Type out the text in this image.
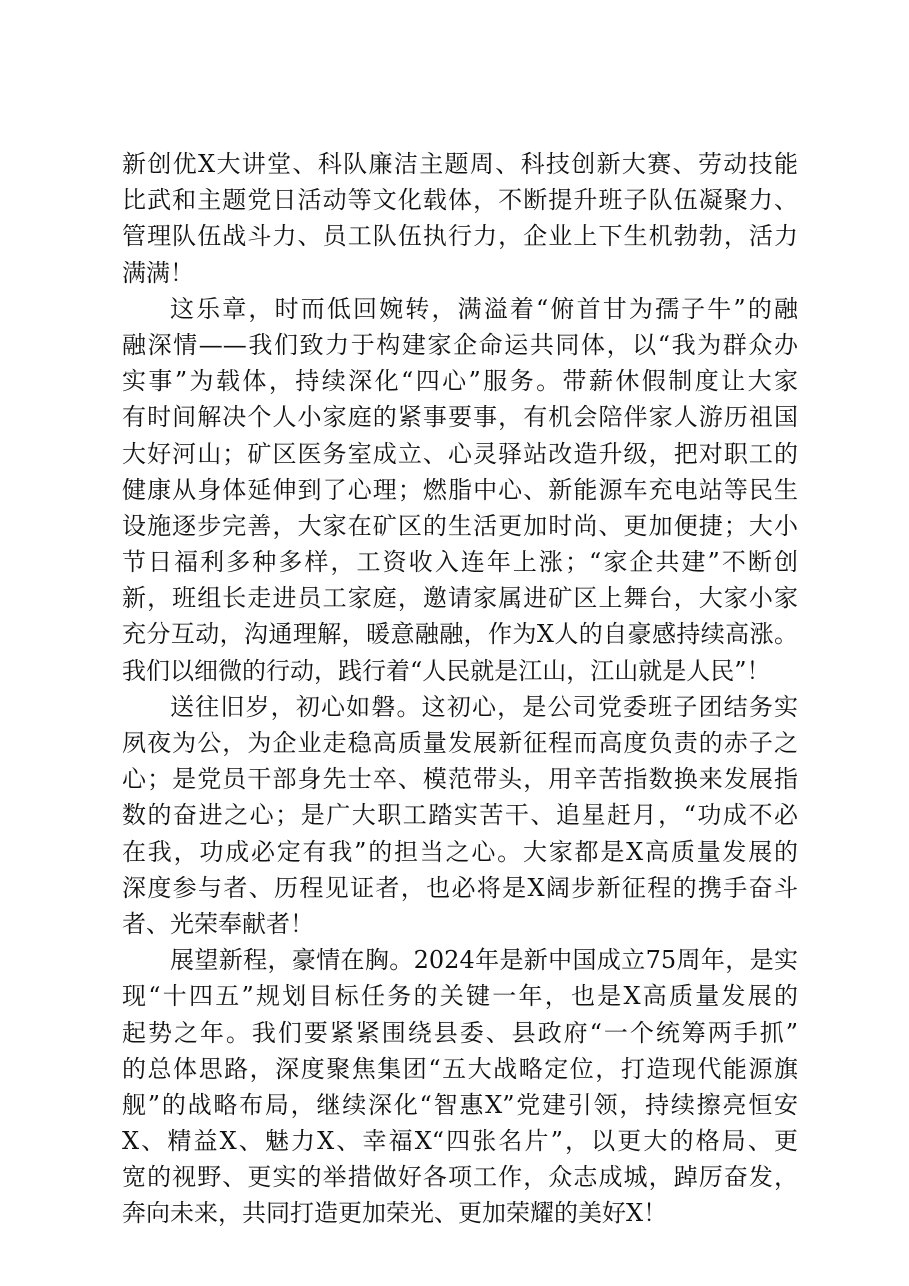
新创优X大讲堂、科队廉洁主题周、科技创新大赛、劳动技能
比武和主题党日活动等文化载体，不断提升班子队伍凝聚力、
管理队伍战斗力、员工队伍执行力，企业上下生机勃勃，活力
满满！
这乐章，时而低回婉转，满溢着“俯首甘为孺子牛”的融
融深情——我们致力于构建家企命运共同体，以“我为群众办
实事”为载体，持续深化“四心”服务。带薪休假制度让大家
有时间解决个人小家庭的紧事要事，有机会陪伴家人游历祖国
大好河山；矿区医务室成立、心灵驿站改造升级，把对职工的
健康从身体延伸到了心理；燃脂中心、新能源车充电站等民生
设施逐步完善，大家在矿区的生活更加时尚、更加便捷；大小
节日福利多种多样，工资收入连年上涨；“家企共建”不断创
新，班组长走进员工家庭，邀请家属进矿区上舞台，大家小家
充分互动，沟通理解，暖意融融，作为X人的自豪感持续高涨。
我们以细微的行动，践行着“人民就是江山，江山就是人民”！
送往旧岁，初心如磐。这初心，是公司党委班子团结务实
夙夜为公，为企业走稳高质量发展新征程而高度负责的赤子之
心；是党员干部身先士卒、模范带头，用辛苦指数换来发展指
数的奋进之心；是广大职工踏实苦干、追星赶月，“功成不必
在我，功成必定有我”的担当之心。大家都是X高质量发展的
深度参与者、历程见证者，也必将是X阔步新征程的携手奋斗
者、光荣奉献者！
展望新程，豪情在胸。2024年是新中国成立75周年，是实
现“十四五”规划目标任务的关键一年，也是X高质量发展的
起势之年。我们要紧紧围绕县委、县政府“一个统筹两手抓”
的总体思路，深度聚焦集团“五大战略定位，打造现代能源旗
舰”的战略布局，继续深化“智惠X”党建引领，持续擦亮恒安
X、精益X、魅力X、幸福X“四张名片”，以更大的格局、更
宽的视野、更实的举措做好各项工作，众志成城，踔厉奋发，
奔向未来，共同打造更加荣光、更加荣耀的美好X！
